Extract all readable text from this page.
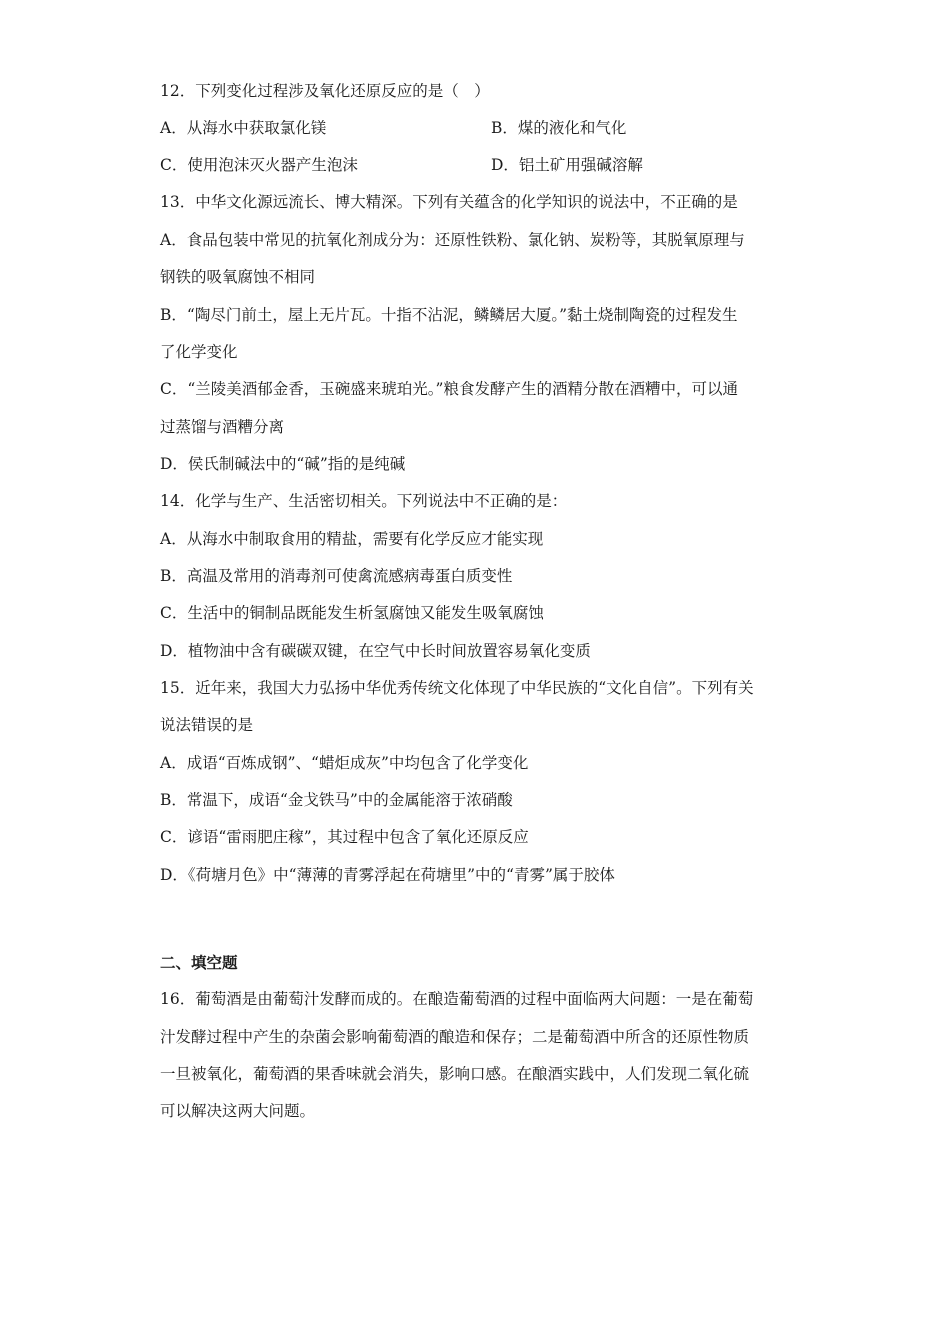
12．下列变化过程涉及氧化还原反应的是（　）
A．从海水中获取氯化镁	B．煤的液化和气化
C．使用泡沫灭火器产生泡沫	D．铝土矿用强碱溶解
13．中华文化源远流长、博大精深。下列有关蕴含的化学知识的说法中，不正确的是
A．食品包装中常见的抗氧化剂成分为：还原性铁粉、氯化钠、炭粉等，其脱氧原理与
钢铁的吸氧腐蚀不相同
B．“陶尽门前土，屋上无片瓦。十指不沾泥，鳞鳞居大厦。”黏土烧制陶瓷的过程发生
了化学变化
C．“兰陵美酒郁金香，玉碗盛来琥珀光。”粮食发酵产生的酒精分散在酒糟中，可以通
过蒸馏与酒糟分离
D．侯氏制碱法中的“碱”指的是纯碱
14．化学与生产、生活密切相关。下列说法中不正确的是：
A．从海水中制取食用的精盐，需要有化学反应才能实现
B．高温及常用的消毒剂可使禽流感病毒蛋白质变性
C．生活中的铜制品既能发生析氢腐蚀又能发生吸氧腐蚀
D．植物油中含有碳碳双键，在空气中长时间放置容易氧化变质
15．近年来，我国大力弘扬中华优秀传统文化体现了中华民族的“文化自信”。下列有关
说法错误的是
A．成语“百炼成钢”、“蜡炬成灰”中均包含了化学变化
B．常温下，成语“金戈铁马”中的金属能溶于浓硝酸
C．谚语“雷雨肥庄稼”，其过程中包含了氧化还原反应
D．《荷塘月色》中“薄薄的青雾浮起在荷塘里”中的“青雾”属于胶体
二、填空题
16．葡萄酒是由葡萄汁发酵而成的。在酿造葡萄酒的过程中面临两大问题：一是在葡萄
汁发酵过程中产生的杂菌会影响葡萄酒的酿造和保存；二是葡萄酒中所含的还原性物质
一旦被氧化，葡萄酒的果香味就会消失，影响口感。在酿酒实践中，人们发现二氧化硫
可以解决这两大问题。
